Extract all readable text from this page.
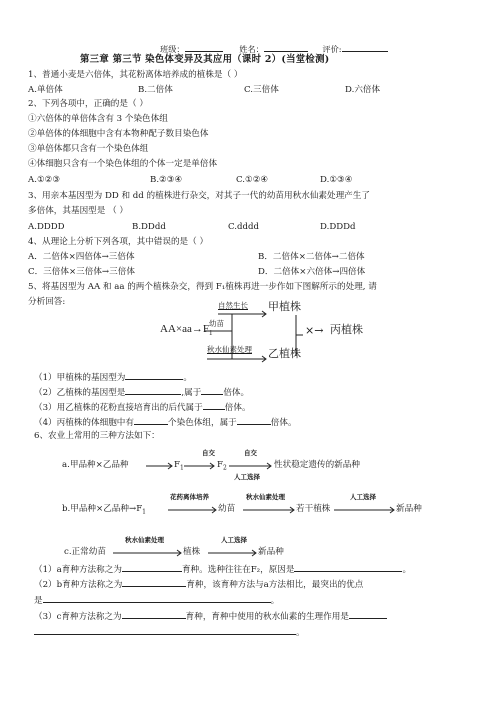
班级：	姓名：	评价:
第三章 第三节 染色体变异及其应用（课时 2）(当堂检测)
1、普通小麦是六倍体，其花粉离体培养成的植株是（ ）
A.单倍体	B.二倍体	C.三倍体	D.六倍体
2、下列各项中，正确的是（ ）
①六倍体的单倍体含有 3 个染色体组
②单倍体的体细胞中含有本物种配子数目染色体
③单倍体都只含有一个染色体组
④体细胞只含有一个染色体组的个体一定是单倍体
A.①②③	B.②③④	C.①②④	D.①③④
3、用亲本基因型为 DD 和 dd 的植株进行杂交，对其子一代的幼苗用秋水仙素处理产生了
多倍体，其基因型是 （ ）
A.DDDD	B.DDdd	C.dddd	D.DDDd
4、从理论上分析下列各项，其中错误的是（ ）
A．二倍体×四倍体→三倍体	B．二倍体×二倍体→二倍体
C．三倍体×三倍体→三倍体	D．二倍体×六倍体→四倍体
5、将基因型为 AA 和 aa 的两个植株杂交，得到 F₁植株再进一步作如下图解所示的处理, 请
分析回答:
$AA\times aa\to F_1$
幼苗
自然生长 甲植株
秋水仙素处理 乙植株
×→ 丙植株
（1）甲植株的基因型为	。
（2）乙植株的基因型是	,属于	倍体。
（3）用乙植株的花粉直接培育出的后代属于	倍体。
（4）丙植株的体细胞中有	个染色体组，属于	倍体。
6、农业上常用的三种方法如下：
a.甲品种×乙品种	$F_1$
自交
$F_2$
自交
人工选择
性状稳定遗传的新品种
b.甲品种×乙品种$\to F_1$
花药离体培养
幼苗
秋水仙素处理
若干植株
人工选择
新品种
c.正常幼苗
秋水仙素处理
植株
人工选择
新品种
（1）a育种方法称之为	育种。选种往往在F₂，原因是	。
（2）b育种方法称之为	育种，该育种方法与a方法相比，最突出的优点
是	。
（3）c育种方法称之为	育种，育种中使用的秋水仙素的生理作用是
。
